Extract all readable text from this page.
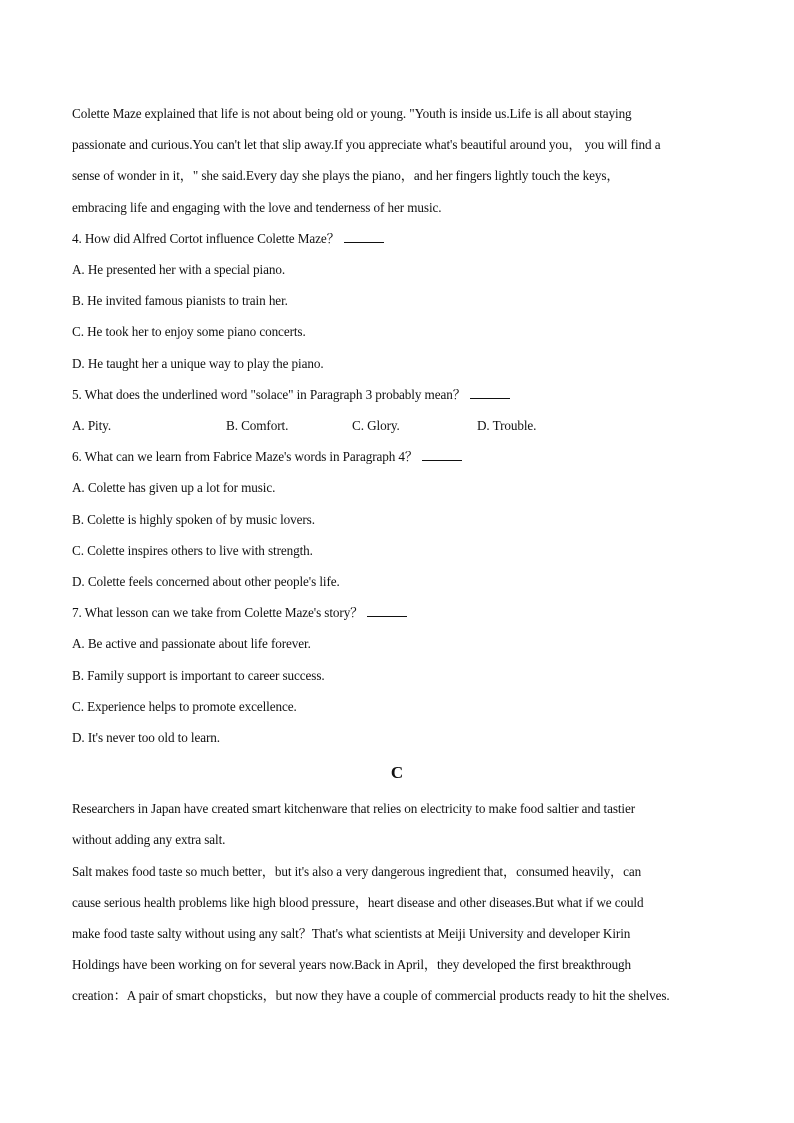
Colette Maze explained that life is not about being old or young. "Youth is inside us.Life is all about staying

passionate and curious.You can't let that slip away.If you appreciate what's beautiful around you， you will find a

sense of wonder in it，" she said.Every day she plays the piano，and her fingers lightly touch the keys，

embracing life and engaging with the love and tenderness of her music.

4. How did Alfred Cortot influence Colette Maze？

A. He presented her with a special piano.

B. He invited famous pianists to train her.

C. He took her to enjoy some piano concerts.

D. He taught her a unique way to play the piano.

5. What does the underlined word "solace" in Paragraph 3 probably mean？

A. Pity.	B. Comfort.	C. Glory.	D. Trouble.

6. What can we learn from Fabrice Maze's words in Paragraph 4？

A. Colette has given up a lot for music.

B. Colette is highly spoken of by music lovers.

C. Colette inspires others to live with strength.

D. Colette feels concerned about other people's life.

7. What lesson can we take from Colette Maze's story？

A. Be active and passionate about life forever.

B. Family support is important to career success.

C. Experience helps to promote excellence.

D. It's never too old to learn.

C

Researchers in Japan have created smart kitchenware that relies on electricity to make food saltier and tastier

without adding any extra salt.

Salt makes food taste so much better，but it's also a very dangerous ingredient that，consumed heavily，can

cause serious health problems like high blood pressure，heart disease and other diseases.But what if we could

make food taste salty without using any salt？That's what scientists at Meiji University and developer Kirin

Holdings have been working on for several years now.Back in April，they developed the first breakthrough

creation：A pair of smart chopsticks，but now they have a couple of commercial products ready to hit the shelves.
